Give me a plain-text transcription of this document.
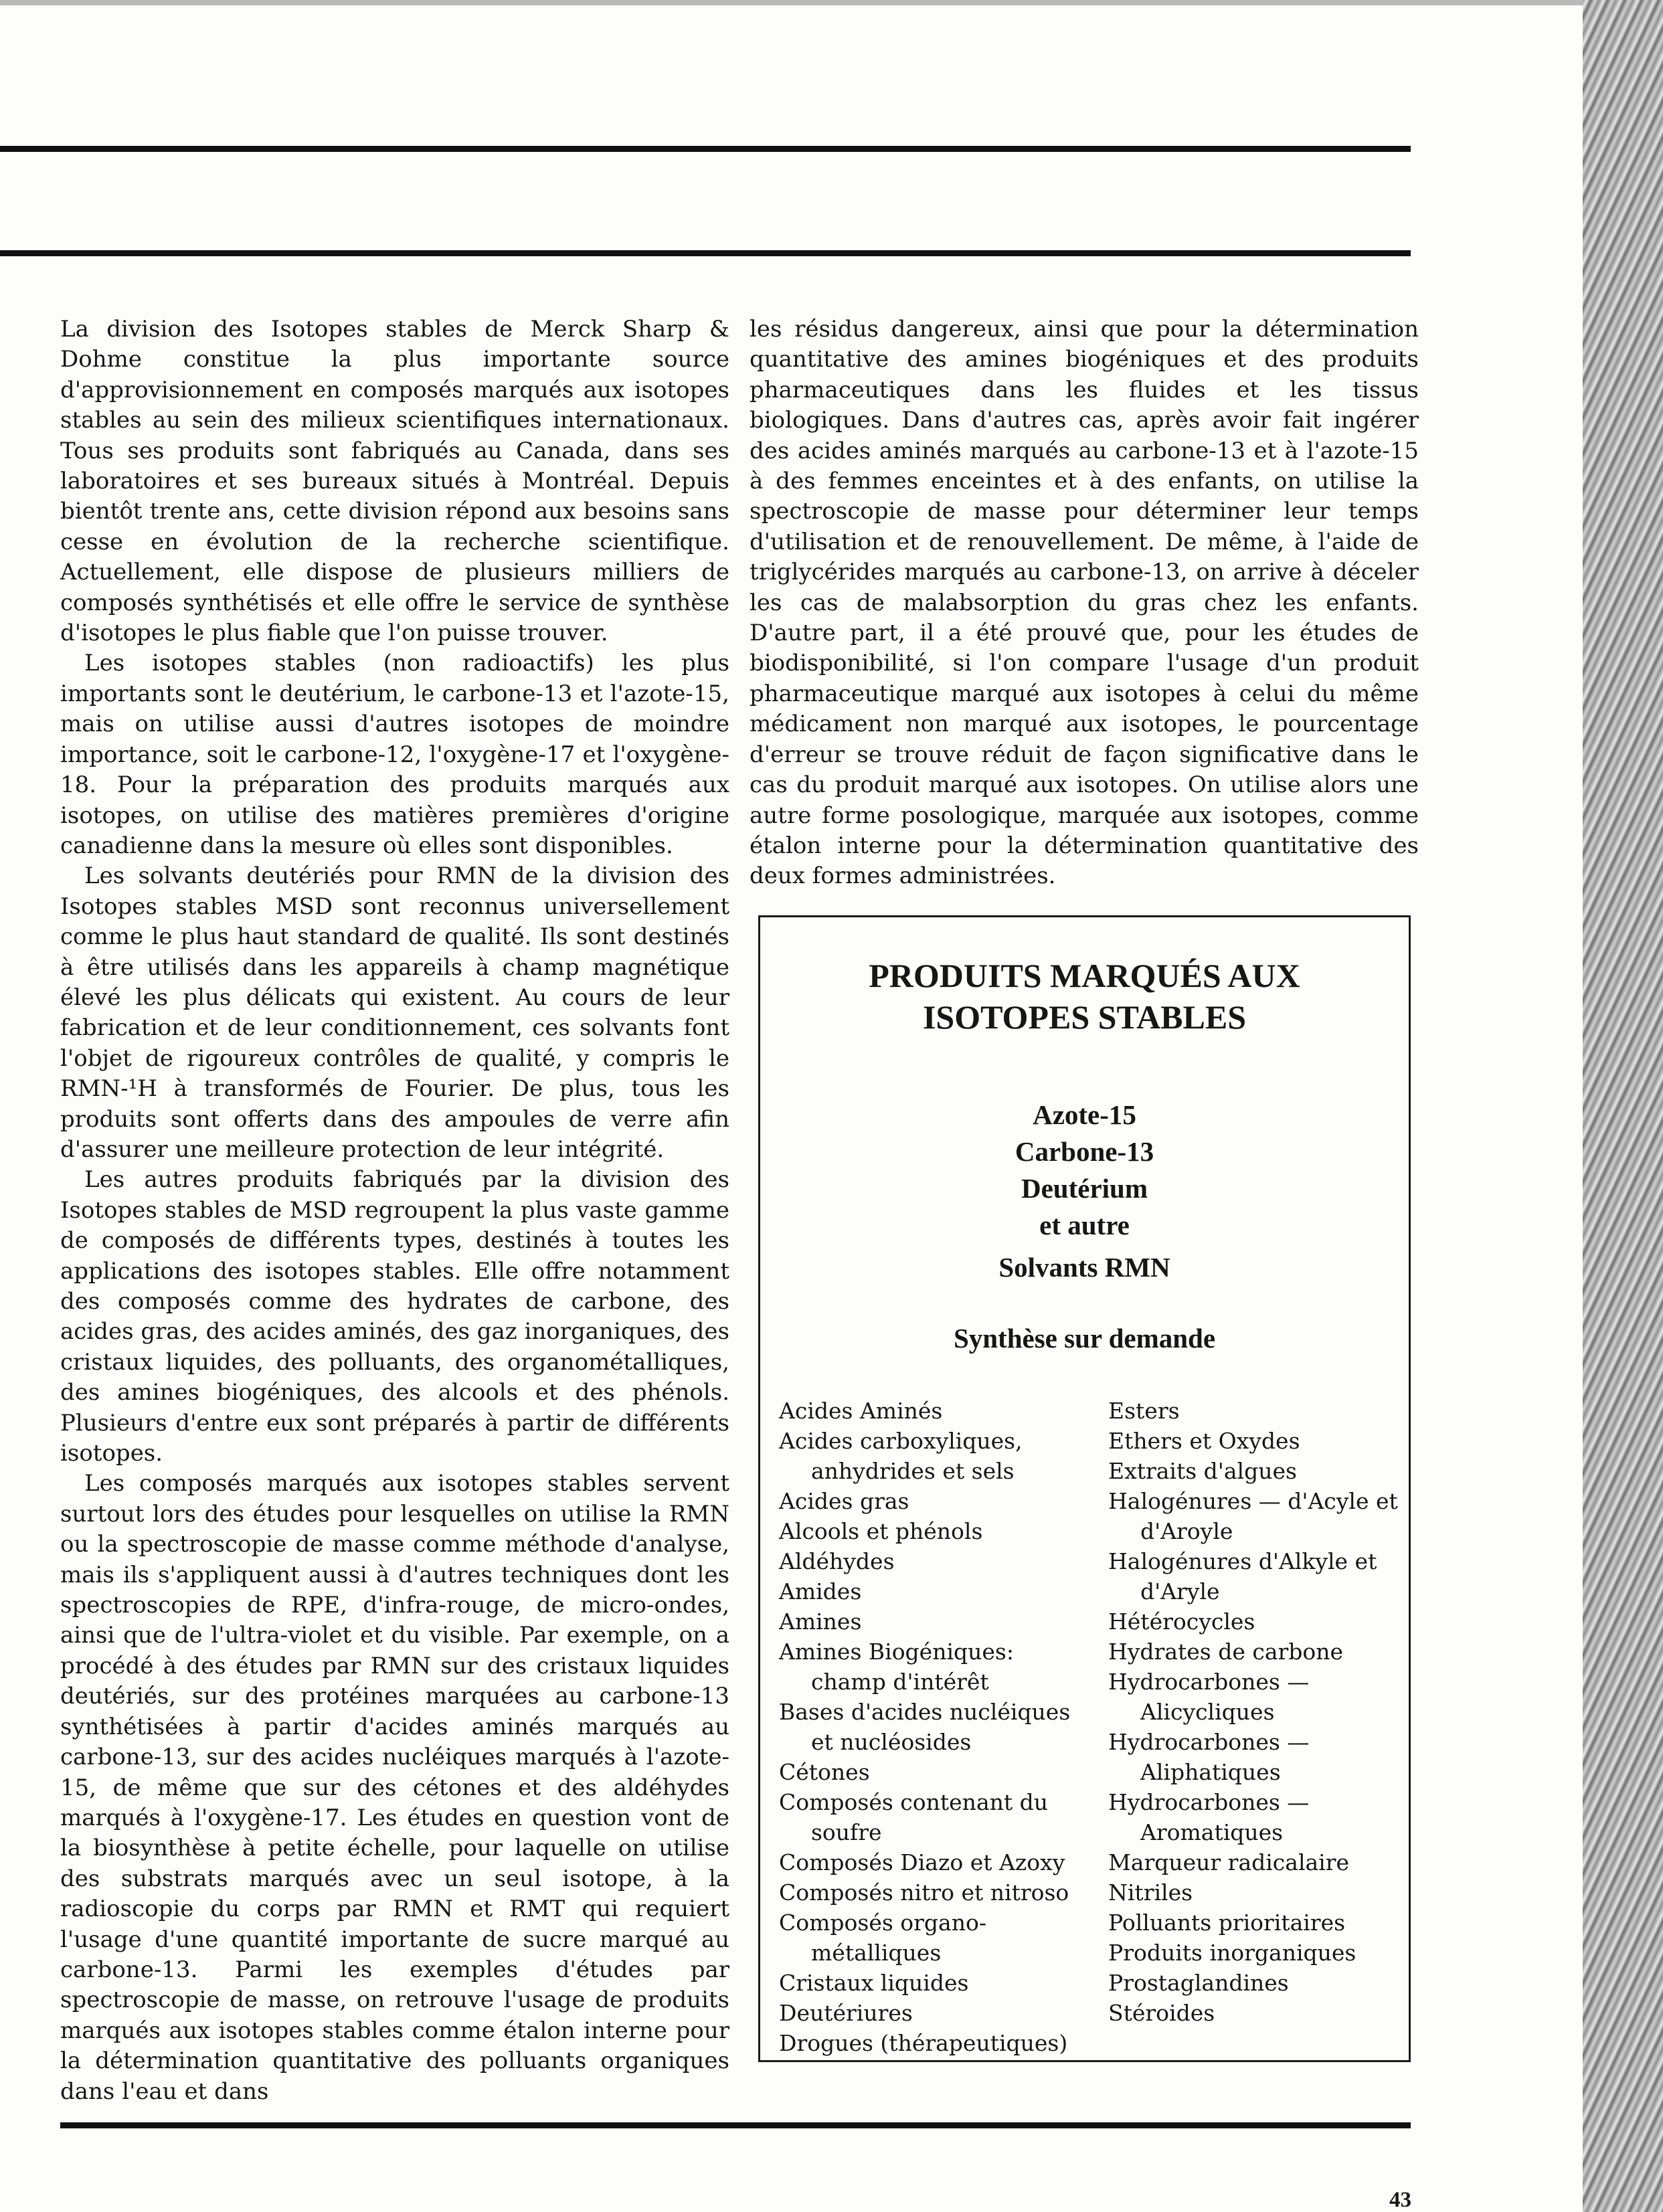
La division des Isotopes stables de Merck Sharp & Dohme constitue la plus importante source d'approvisionnement en composés marqués aux isotopes stables au sein des milieux scientifiques internationaux. Tous ses produits sont fabriqués au Canada, dans ses laboratoires et ses bureaux situés à Montréal. Depuis bientôt trente ans, cette division répond aux besoins sans cesse en évolution de la recherche scientifique. Actuellement, elle dispose de plusieurs milliers de composés synthétisés et elle offre le service de synthèse d'isotopes le plus fiable que l'on puisse trouver.

Les isotopes stables (non radioactifs) les plus importants sont le deutérium, le carbone-13 et l'azote-15, mais on utilise aussi d'autres isotopes de moindre importance, soit le carbone-12, l'oxygène-17 et l'oxygène-18. Pour la préparation des produits marqués aux isotopes, on utilise des matières premières d'origine canadienne dans la mesure où elles sont disponibles.

Les solvants deutériés pour RMN de la division des Isotopes stables MSD sont reconnus universellement comme le plus haut standard de qualité. Ils sont destinés à être utilisés dans les appareils à champ magnétique élevé les plus délicats qui existent. Au cours de leur fabrication et de leur conditionnement, ces solvants font l'objet de rigoureux contrôles de qualité, y compris le RMN-¹H à transformés de Fourier. De plus, tous les produits sont offerts dans des ampoules de verre afin d'assurer une meilleure protection de leur intégrité.

Les autres produits fabriqués par la division des Isotopes stables de MSD regroupent la plus vaste gamme de composés de différents types, destinés à toutes les applications des isotopes stables. Elle offre notamment des composés comme des hydrates de carbone, des acides gras, des acides aminés, des gaz inorganiques, des cristaux liquides, des polluants, des organométalliques, des amines biogéniques, des alcools et des phénols. Plusieurs d'entre eux sont préparés à partir de différents isotopes.

Les composés marqués aux isotopes stables servent surtout lors des études pour lesquelles on utilise la RMN ou la spectroscopie de masse comme méthode d'analyse, mais ils s'appliquent aussi à d'autres techniques dont les spectroscopies de RPE, d'infra-rouge, de micro-ondes, ainsi que de l'ultra-violet et du visible. Par exemple, on a procédé à des études par RMN sur des cristaux liquides deutériés, sur des protéines marquées au carbone-13 synthétisées à partir d'acides aminés marqués au carbone-13, sur des acides nucléiques marqués à l'azote-15, de même que sur des cétones et des aldéhydes marqués à l'oxygène-17. Les études en question vont de la biosynthèse à petite échelle, pour laquelle on utilise des substrats marqués avec un seul isotope, à la radioscopie du corps par RMN et RMT qui requiert l'usage d'une quantité importante de sucre marqué au carbone-13. Parmi les exemples d'études par spectroscopie de masse, on retrouve l'usage de produits marqués aux isotopes stables comme étalon interne pour la détermination quantitative des polluants organiques dans l'eau et dans

les résidus dangereux, ainsi que pour la détermination quantitative des amines biogéniques et des produits pharmaceutiques dans les fluides et les tissus biologiques. Dans d'autres cas, après avoir fait ingérer des acides aminés marqués au carbone-13 et à l'azote-15 à des femmes enceintes et à des enfants, on utilise la spectroscopie de masse pour déterminer leur temps d'utilisation et de renouvellement. De même, à l'aide de triglycérides marqués au carbone-13, on arrive à déceler les cas de malabsorption du gras chez les enfants. D'autre part, il a été prouvé que, pour les études de biodisponibilité, si l'on compare l'usage d'un produit pharmaceutique marqué aux isotopes à celui du même médicament non marqué aux isotopes, le pourcentage d'erreur se trouve réduit de façon significative dans le cas du produit marqué aux isotopes. On utilise alors une autre forme posologique, marquée aux isotopes, comme étalon interne pour la détermination quantitative des deux formes administrées.

PRODUITS MARQUÉS AUX
ISOTOPES STABLES
Azote-15
Carbone-13
Deutérium
et autre
Solvants RMN
Synthèse sur demande
Acides Aminés
Acides carboxyliques, anhydrides et sels
Acides gras
Alcools et phénols
Aldéhydes
Amides
Amines
Amines Biogéniques: champ d'intérêt
Bases d'acides nucléiques et nucléosides
Cétones
Composés contenant du soufre
Composés Diazo et Azoxy
Composés nitro et nitroso
Composés organo-métalliques
Cristaux liquides
Deutériures
Drogues (thérapeutiques)
Esters
Ethers et Oxydes
Extraits d'algues
Halogénures — d'Acyle et d'Aroyle
Halogénures d'Alkyle et d'Aryle
Hétérocycles
Hydrates de carbone
Hydrocarbones — Alicycliques
Hydrocarbones — Aliphatiques
Hydrocarbones — Aromatiques
Marqueur radicalaire
Nitriles
Polluants prioritaires
Produits inorganiques
Prostaglandines
Stéroides
43
